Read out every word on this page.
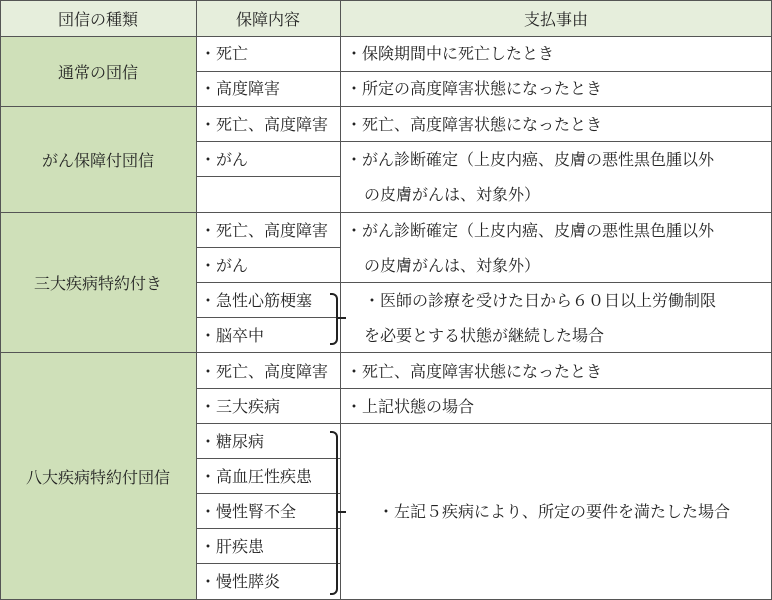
団信の種類	保障内容	支払事由
通常の団信
がん保障付団信
三大疾病特約付き
八大疾病特約付団信
・死亡
・高度障害
・死亡、高度障害
・がん
・死亡、高度障害
・がん
・急性心筋梗塞
・脳卒中
・死亡、高度障害
・三大疾病
・糖尿病
・高血圧性疾患
・慢性腎不全
・肝疾患
・慢性膵炎
・保険期間中に死亡したとき
・所定の高度障害状態になったとき
・死亡、高度障害状態になったとき
・がん診断確定（上皮内癌、皮膚の悪性黒色腫以外
の皮膚がんは、対象外）
・がん診断確定（上皮内癌、皮膚の悪性黒色腫以外
の皮膚がんは、対象外）
・医師の診療を受けた日から６０日以上労働制限
を必要とする状態が継続した場合
・死亡、高度障害状態になったとき
・上記状態の場合
・左記５疾病により、所定の要件を満たした場合
